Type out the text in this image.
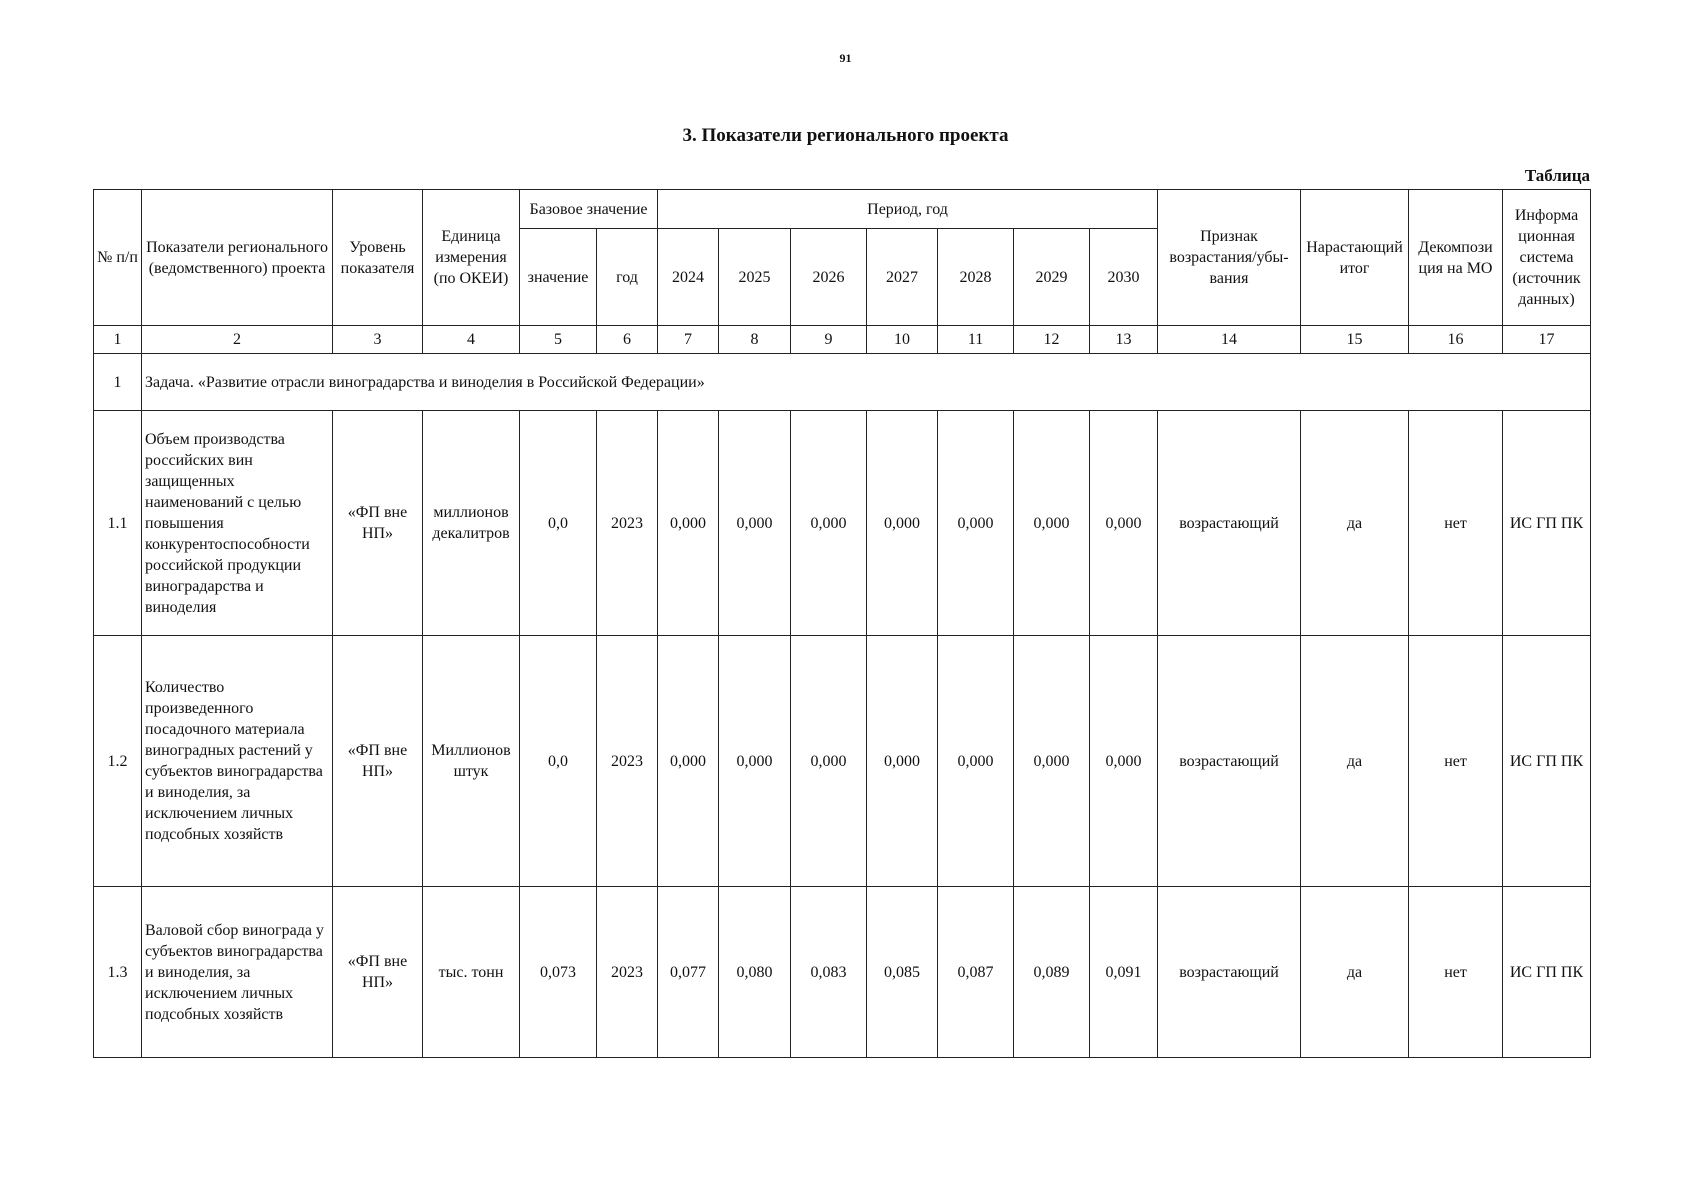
91
3. Показатели регионального проекта
Таблица
№ п/п	Показатели регионального (ведомственного) проекта	Уровень показателя	Единица измерения (по ОКЕИ)	Базовое значение		Период, год							Признак возрастания/убы-вания	Нарастающий итог	Декомпози ция на МО	Информа ционная система (источник данных)
				значение	год	2024	2025	2026	2027	2028	2029	2030				
1	2	3	4	5	6	7	8	9	10	11	12	13	14	15	16	17
1	Задача. «Развитие отрасли виноградарства и виноделия в Российской Федерации»															
1.1	Объем производства российских вин защищенных наименований с целью повышения конкурентоспособности российской продукции виноградарства и виноделия	«ФП вне НП»	миллионов декалитров	0,0	2023	0,000	0,000	0,000	0,000	0,000	0,000	0,000	возрастающий	да	нет	ИС ГП ПК
1.2	Количество произведенного посадочного материала виноградных растений у субъектов виноградарства и виноделия, за исключением личных подсобных хозяйств	«ФП вне НП»	Миллионов штук	0,0	2023	0,000	0,000	0,000	0,000	0,000	0,000	0,000	возрастающий	да	нет	ИС ГП ПК
1.3	Валовой сбор винограда у субъектов виноградарства и виноделия, за исключением личных подсобных хозяйств	«ФП вне НП»	тыс. тонн	0,073	2023	0,077	0,080	0,083	0,085	0,087	0,089	0,091	возрастающий	да	нет	ИС ГП ПК
